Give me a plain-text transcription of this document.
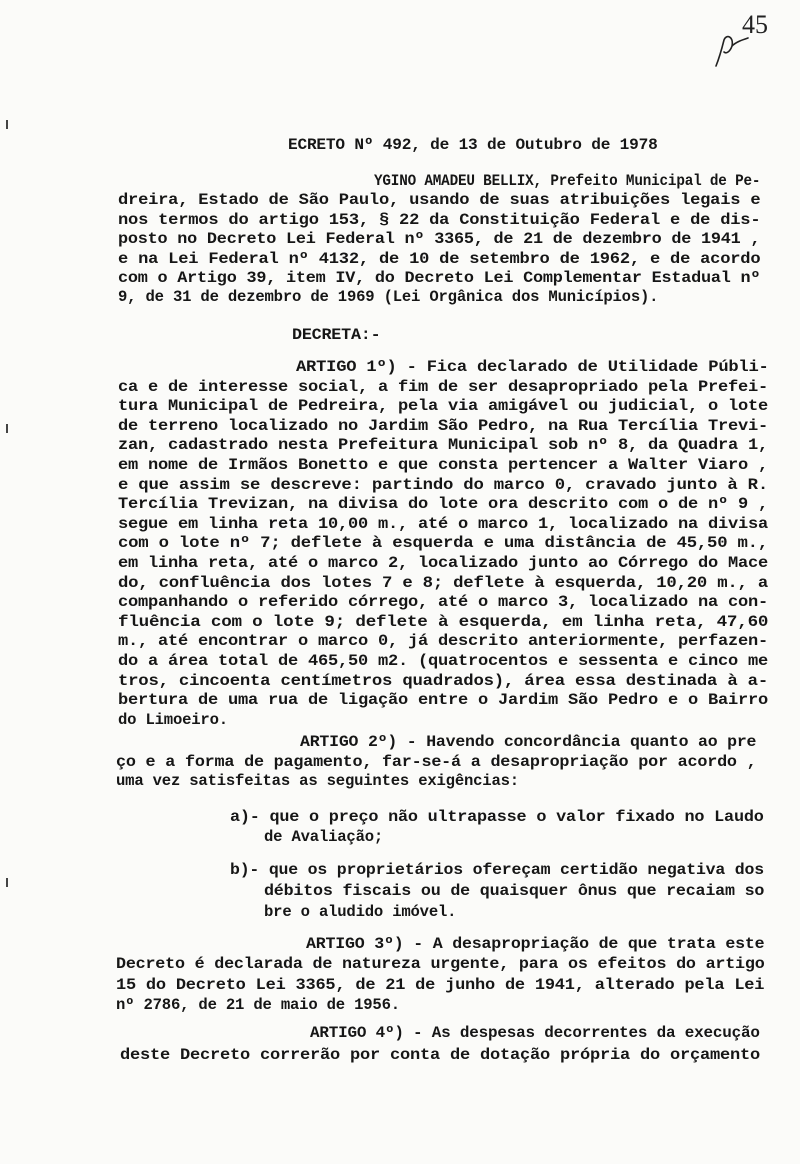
45
ECRETO Nº 492, de 13 de Outubro de 1978
YGINO AMADEU BELLIX, Prefeito Municipal de Pe-
dreira, Estado de São Paulo, usando de suas atribuições legais e
nos termos do artigo 153, § 22 da Constituição Federal e de dis-
posto no Decreto Lei Federal nº 3365, de 21 de dezembro de 1941 ,
e na Lei Federal nº 4132, de 10 de setembro de 1962, e de acordo
com o Artigo 39, item IV, do Decreto Lei Complementar Estadual nº
9, de 31 de dezembro de 1969 (Lei Orgânica dos Municípios).
DECRETA:-
ARTIGO 1º) - Fica declarado de Utilidade Públi-
ca e de interesse social, a fim de ser desapropriado pela Prefei-
tura Municipal de Pedreira, pela via amigável ou judicial, o lote
de terreno localizado no Jardim São Pedro, na Rua Tercília Trevi-
zan, cadastrado nesta Prefeitura Municipal sob nº 8, da Quadra 1,
em nome de Irmãos Bonetto e que consta pertencer a Walter Viaro ,
e que assim se descreve: partindo do marco 0, cravado junto à R.
Tercília Trevizan, na divisa do lote ora descrito com o de nº 9 ,
segue em linha reta 10,00 m., até o marco 1, localizado na divisa
com o lote nº 7; deflete à esquerda e uma distância de 45,50 m.,
em linha reta, até o marco 2, localizado junto ao Córrego do Mace
do, confluência dos lotes 7 e 8; deflete à esquerda, 10,20 m., a
companhando o referido córrego, até o marco 3, localizado na con-
fluência com o lote 9; deflete à esquerda, em linha reta, 47,60
m., até encontrar o marco 0, já descrito anteriormente, perfazen-
do a área total de 465,50 m2. (quatrocentos e sessenta e cinco me
tros, cincoenta centímetros quadrados), área essa destinada à a-
bertura de uma rua de ligação entre o Jardim São Pedro e o Bairro
do Limoeiro.
ARTIGO 2º) - Havendo concordância quanto ao pre
ço e a forma de pagamento, far-se-á a desapropriação por acordo ,
uma vez satisfeitas as seguintes exigências:
a)- que o preço não ultrapasse o valor fixado no Laudo
de Avaliação;
b)- que os proprietários ofereçam certidão negativa dos
débitos fiscais ou de quaisquer ônus que recaiam so
bre o aludido imóvel.
ARTIGO 3º) - A desapropriação de que trata este
Decreto é declarada de natureza urgente, para os efeitos do artigo
15 do Decreto Lei 3365, de 21 de junho de 1941, alterado pela Lei
nº 2786, de 21 de maio de 1956.
ARTIGO 4º) - As despesas decorrentes da execução
deste Decreto correrão por conta de dotação própria do orçamento
